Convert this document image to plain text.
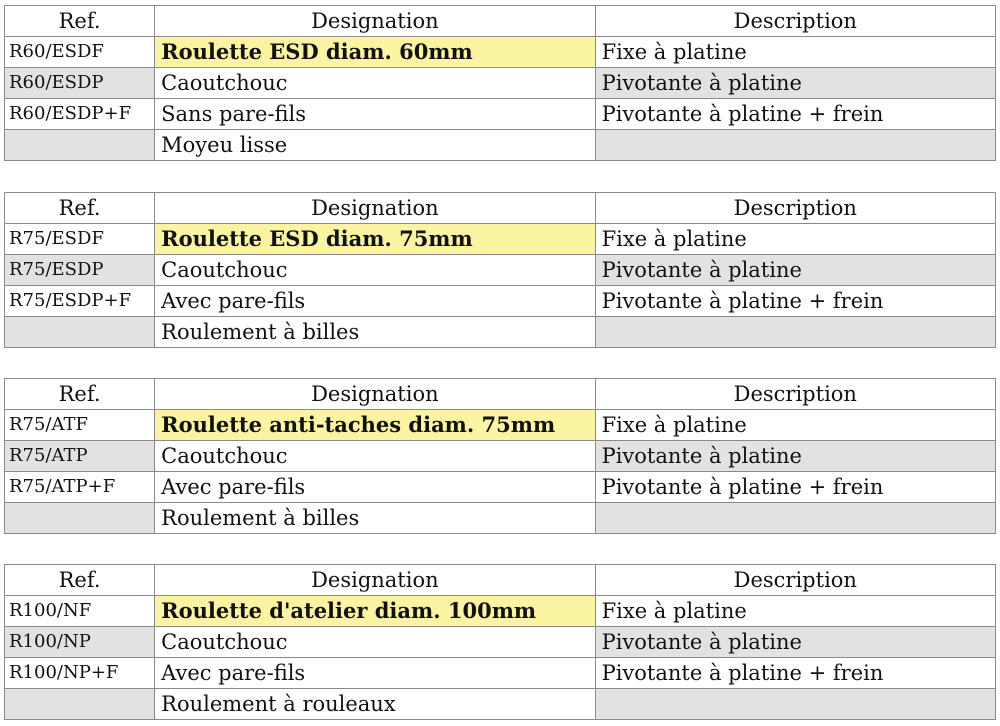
Ref.	Designation	Description
R60/ESDF	Roulette ESD diam. 60mm	Fixe à platine
R60/ESDP	Caoutchouc	Pivotante à platine
R60/ESDP+F	Sans pare-fils	Pivotante à platine + frein
	Moyeu lisse	
Ref.	Designation	Description
R75/ESDF	Roulette ESD diam. 75mm	Fixe à platine
R75/ESDP	Caoutchouc	Pivotante à platine
R75/ESDP+F	Avec pare-fils	Pivotante à platine + frein
	Roulement à billes	
Ref.	Designation	Description
R75/ATF	Roulette anti-taches diam. 75mm	Fixe à platine
R75/ATP	Caoutchouc	Pivotante à platine
R75/ATP+F	Avec pare-fils	Pivotante à platine + frein
	Roulement à billes	
Ref.	Designation	Description
R100/NF	Roulette d'atelier diam. 100mm	Fixe à platine
R100/NP	Caoutchouc	Pivotante à platine
R100/NP+F	Avec pare-fils	Pivotante à platine + frein
	Roulement à rouleaux	
